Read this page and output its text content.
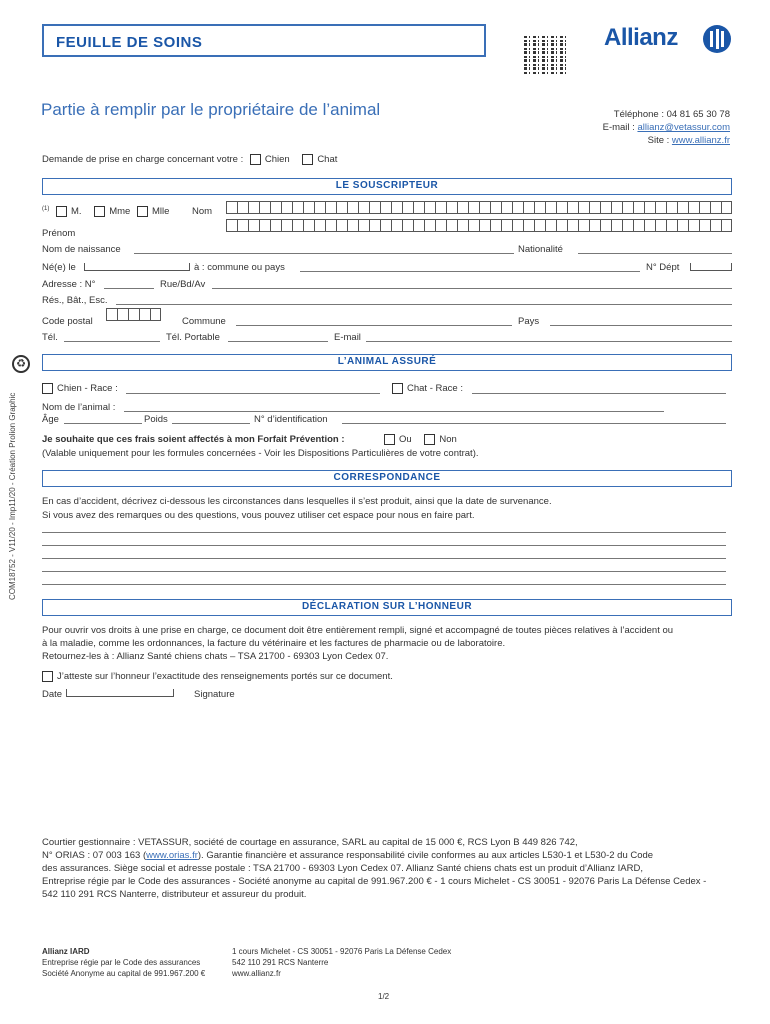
FEUILLE DE SOINS	Allianz
Partie à remplir par le propriétaire de l’animal	Téléphone : 04 81 65 30 78
E-mail : allianz@vetassur.com
Site : www.allianz.fr
Demande de prise en charge concernant votre : Chien	Chat
LE SOUSCRIPTEUR
$^{(1)}$ M.	Mme Mlle Nom
Prénom
Nom de naissance	Nationalité
Né(e) le	à : commune ou pays	N° Dépt
Adresse : N°	Rue/Bd/Av
Rés., Bât., Esc.
Code postal	Commune	Pays
Tél.	Tél. Portable	E-mail
L’ANIMAL ASSURÉ
Chien - Race :	Chat - Race :
Nom de l’animal :
Âge	Poids	N° d’identification
Je souhaite que ces frais soient affectés à mon Forfait Prévention :	Ou	Non
(Valable uniquement pour les formules concernées - Voir les Dispositions Particulières de votre contrat).
CORRESPONDANCE
En cas d’accident, décrivez ci-dessous les circonstances dans lesquelles il s’est produit, ainsi que la date de survenance.
Si vous avez des remarques ou des questions, vous pouvez utiliser cet espace pour nous en faire part.
DÉCLARATION SUR L’HONNEUR
Pour ouvrir vos droits à une prise en charge, ce document doit être entièrement rempli, signé et accompagné de toutes pièces relatives à l’accident ou
à la maladie, comme les ordonnances, la facture du vétérinaire et les factures de pharmacie ou de laboratoire.
Retournez-les à : Allianz Santé chiens chats – TSA 21700 - 69303 Lyon Cedex 07.
J’atteste sur l’honneur l’exactitude des renseignements portés sur ce document.
Date	Signature
Courtier gestionnaire : VETASSUR, société de courtage en assurance, SARL au capital de 15 000 €, RCS Lyon B 449 826 742,
N° ORIAS : 07 003 163 (www.orias.fr). Garantie financière et assurance responsabilité civile conformes au aux articles L530-1 et L530-2 du Code
des assurances. Siège social et adresse postale : TSA 21700 - 69303 Lyon Cedex 07. Allianz Santé chiens chats est un produit d’Allianz IARD,
Entreprise régie par le Code des assurances - Société anonyme au capital de 991.967.200 € - 1 cours Michelet - CS 30051 - 92076 Paris La Défense Cedex -
542 110 291 RCS Nanterre, distributeur et assureur du produit.
Allianz IARD
Entreprise régie par le Code des assurances
Société Anonyme au capital de 991.967.200 €
1 cours Michelet - CS 30051 - 92076 Paris La Défense Cedex
542 110 291 RCS Nanterre
www.allianz.fr
1/2
COM18752 - V11/20 - Imp11/20 - Création Prolion Graphic
♻
